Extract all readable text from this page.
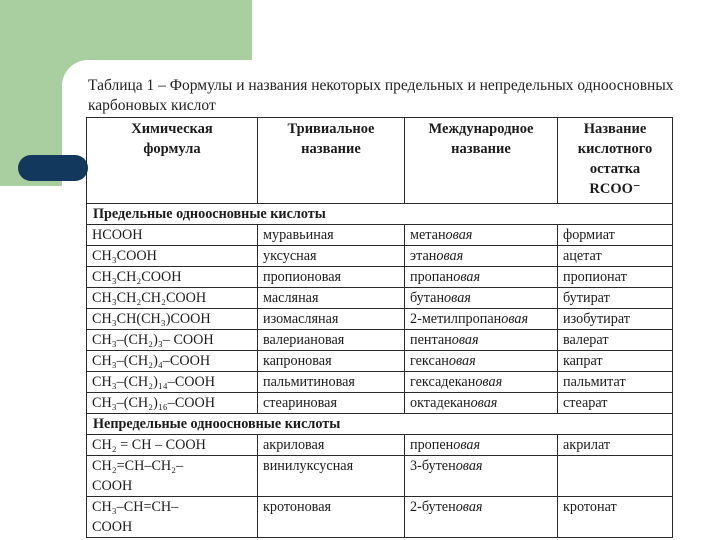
Таблица 1 – Формулы и названия некоторых предельных и непредельных одноосновных карбоновых кислот
Химическая формула	Тривиальное название	Международное название	Название кислотного остатка RCOO⁻

Предельные одноосновные кислоты			
HCOOH	муравьиная	метановая	формиат
CH₃COOH	уксусная	этановая	ацетат
CH₃CH₂COOH	пропионовая	пропановая	пропионат
CH₃CH₂CH₂COOH	масляная	бутановая	бутират
CH₃CH(CH₃)COOH	изомасляная	2-метилпропановая	изобутират
CH₃–(CH₂)₃– COOH	валериановая	пентановая	валерат
CH₃–(CH₂)₄–COOH	капроновая	гексановая	капрат
CH₃–(CH₂)₁₄–COOH	пальмитиновая	гексадекановая	пальмитат
CH₃–(CH₂)₁₆–COOH	стеариновая	октадекановая	стеарат
Непредельные одноосновные кислоты			
CH₂ = CH – COOH	акриловая	пропеновая	акрилат

CH₂=CH–CH₂– COOH	винилуксусная	3-бутеновая	

CH₃–CH=CH– COOH	кротоновая	2-бутеновая	кротонат
